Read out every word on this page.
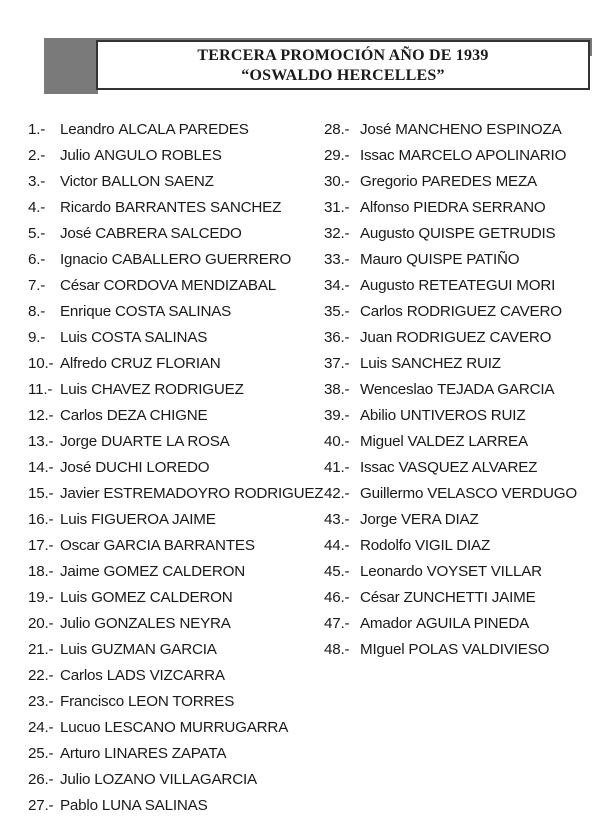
TERCERA PROMOCIÓN AÑO DE 1939
“OSWALDO HERCELLES”
1.- Leandro ALCALA PAREDES
2.- Julio ANGULO ROBLES
3.- Victor BALLON SAENZ
4.- Ricardo BARRANTES SANCHEZ
5.- José CABRERA SALCEDO
6.- Ignacio CABALLERO GUERRERO
7.- César CORDOVA MENDIZABAL
8.- Enrique COSTA SALINAS
9.- Luis COSTA SALINAS
10.- Alfredo CRUZ FLORIAN
11.- Luis CHAVEZ RODRIGUEZ
12.- Carlos DEZA CHIGNE
13.- Jorge DUARTE LA ROSA
14.- José DUCHI LOREDO
15.- Javier ESTREMADOYRO RODRIGUEZ
16.- Luis FIGUEROA JAIME
17.- Oscar GARCIA BARRANTES
18.- Jaime GOMEZ CALDERON
19.- Luis GOMEZ CALDERON
20.- Julio GONZALES NEYRA
21.- Luis GUZMAN GARCIA
22.- Carlos LADS VIZCARRA
23.- Francisco LEON TORRES
24.- Lucuo LESCANO MURRUGARRA
25.- Arturo LINARES ZAPATA
26.- Julio LOZANO VILLAGARCIA
27.- Pablo LUNA SALINAS
28.- José MANCHENO ESPINOZA
29.- Issac MARCELO APOLINARIO
30.- Gregorio PAREDES MEZA
31.- Alfonso PIEDRA SERRANO
32.- Augusto QUISPE GETRUDIS
33.- Mauro QUISPE PATIÑO
34.- Augusto RETEATEGUI MORI
35.- Carlos RODRIGUEZ CAVERO
36.- Juan RODRIGUEZ CAVERO
37.- Luis SANCHEZ RUIZ
38.- Wenceslao TEJADA GARCIA
39.- Abilio UNTIVEROS RUIZ
40.- Miguel VALDEZ LARREA
41.- Issac VASQUEZ ALVAREZ
42.- Guillermo VELASCO VERDUGO
43.- Jorge VERA DIAZ
44.- Rodolfo VIGIL DIAZ
45.- Leonardo VOYSET VILLAR
46.- César ZUNCHETTI JAIME
47.- Amador AGUILA PINEDA
48.- MIguel POLAS VALDIVIESO
